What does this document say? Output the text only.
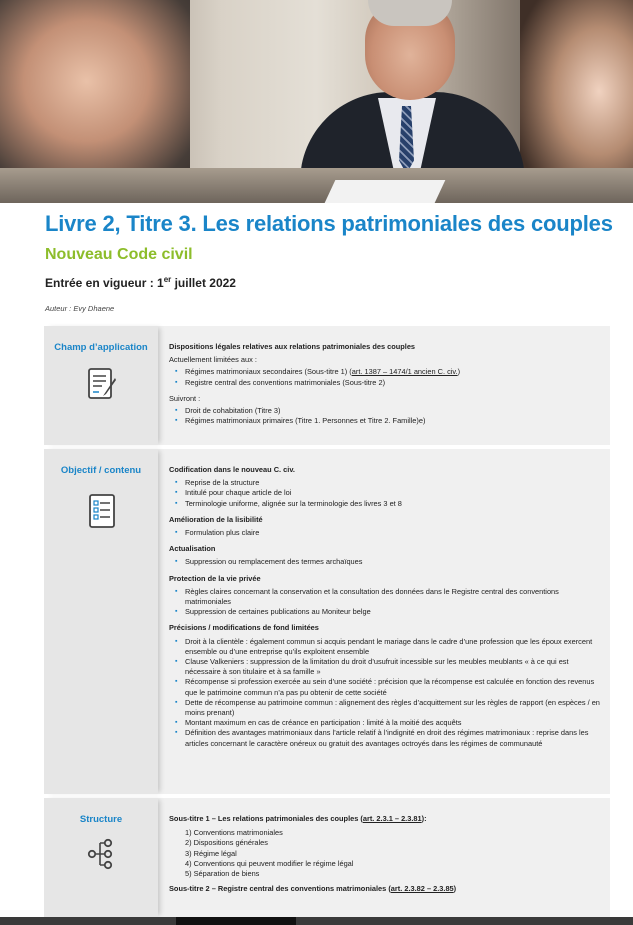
Livre 2, Titre 3. Les relations patrimoniales des couples
Nouveau Code civil
Entrée en vigueur : 1er juillet 2022
Auteur : Evy Dhaene
Champ d’application	Dispositions légales relatives aux relations patrimoniales des couples

Actuellement limitées aux :

▪ Régimes matrimoniaux secondaires (Sous-titre 1) (art. 1387 – 1474/1 ancien C. civ.)
▪ Registre central des conventions matrimoniales (Sous-titre 2)

Suivront :

▪ Droit de cohabitation (Titre 3)
▪ Régimes matrimoniaux primaires (Titre 1. Personnes et Titre 2. Famille)e)
Objectif / contenu	Codification dans le nouveau C. civ.

▪ Reprise de la structure
▪ Intitulé pour chaque article de loi
▪ Terminologie uniforme, alignée sur la terminologie des livres 3 et 8

Amélioration de la lisibilité

▪ Formulation plus claire

Actualisation

▪ Suppression ou remplacement des termes archaïques

Protection de la vie privée

▪ Règles claires concernant la conservation et la consultation des données dans le Registre central des conventions matrimoniales
▪ Suppression de certaines publications au Moniteur belge

Précisions / modifications de fond limitées

▪ Droit à la clientèle : également commun si acquis pendant le mariage dans le cadre d’une profession que les époux exercent ensemble ou d’une entreprise qu’ils exploitent ensemble
▪ Clause Valkeniers : suppression de la limitation du droit d’usufruit incessible sur les meubles meublants « à ce qui est nécessaire à son titulaire et à sa famille »
▪ Récompense si profession exercée au sein d’une société : précision que la récompense est calculée en fonction des revenus que le patrimoine commun n’a pas pu obtenir de cette société
▪ Dette de récompense au patrimoine commun : alignement des règles d’acquittement sur les règles de rapport (en espèces / en moins prenant)
▪ Montant maximum en cas de créance en participation : limité à la moitié des acquêts
▪ Définition des avantages matrimoniaux dans l’article relatif à l’indignité en droit des régimes matrimoniaux : reprise dans les articles concernant le caractère onéreux ou gratuit des avantages octroyés dans les régimes de communauté
Structure	Sous-titre 1 – Les relations patrimoniales des couples (art. 2.3.1 – 2.3.81):

1) Conventions matrimoniales
2) Dispositions générales
3) Régime légal
4) Conventions qui peuvent modifier le régime légal
5) Séparation de biens

Sous-titre 2 – Registre central des conventions matrimoniales (art. 2.3.82 – 2.3.85)
